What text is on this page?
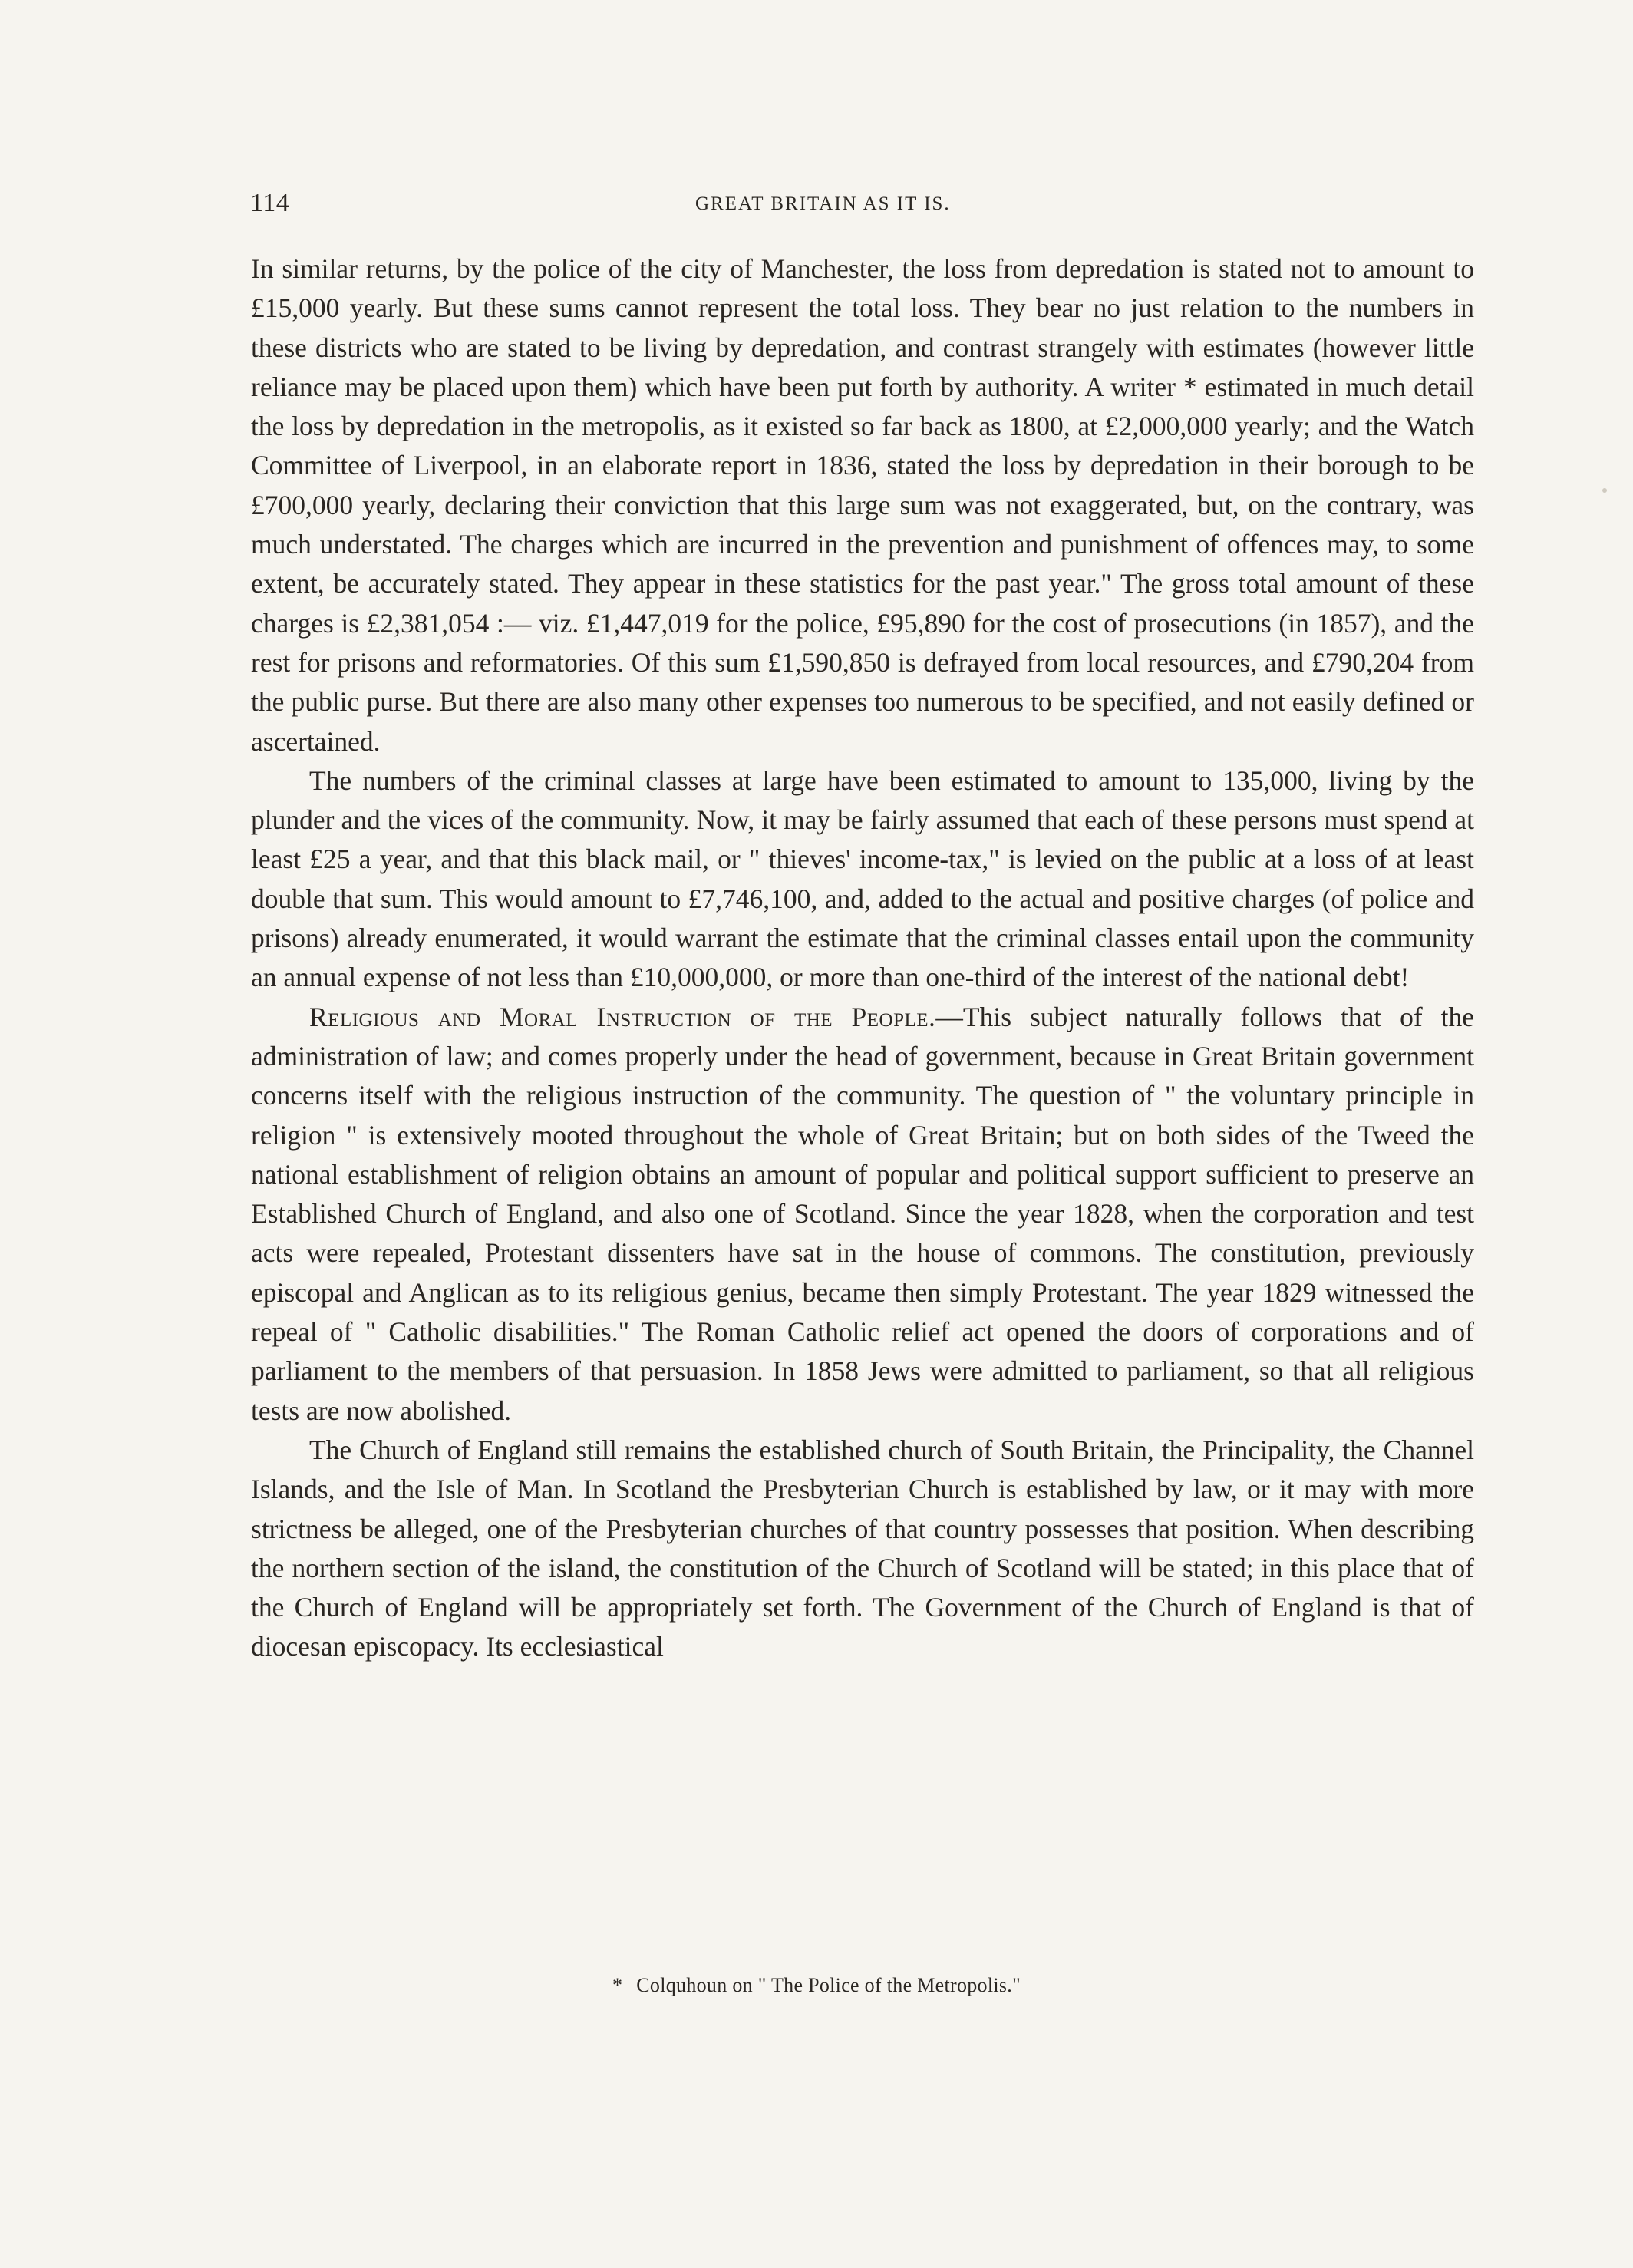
114	GREAT BRITAIN AS IT IS.

In similar returns, by the police of the city of Manchester, the loss from depredation is stated not to amount to £15,000 yearly. But these sums cannot represent the total loss. They bear no just relation to the numbers in these districts who are stated to be living by depredation, and contrast strangely with estimates (however little reliance may be placed upon them) which have been put forth by authority. A writer * estimated in much detail the loss by depredation in the metropolis, as it existed so far back as 1800, at £2,000,000 yearly; and the Watch Committee of Liverpool, in an elaborate report in 1836, stated the loss by depredation in their borough to be £700,000 yearly, declaring their conviction that this large sum was not exaggerated, but, on the contrary, was much understated. The charges which are incurred in the prevention and punishment of offences may, to some extent, be accurately stated. They appear in these statistics for the past year." The gross total amount of these charges is £2,381,054 :— viz. £1,447,019 for the police, £95,890 for the cost of prosecutions (in 1857), and the rest for prisons and reformatories. Of this sum £1,590,850 is defrayed from local resources, and £790,204 from the public purse. But there are also many other expenses too numerous to be specified, and not easily defined or ascertained.

The numbers of the criminal classes at large have been estimated to amount to 135,000, living by the plunder and the vices of the community. Now, it may be fairly assumed that each of these persons must spend at least £25 a year, and that this black mail, or " thieves' income-tax," is levied on the public at a loss of at least double that sum. This would amount to £7,746,100, and, added to the actual and positive charges (of police and prisons) already enumerated, it would warrant the estimate that the criminal classes entail upon the community an annual expense of not less than £10,000,000, or more than one-third of the interest of the national debt!

Religious and Moral Instruction of the People.—This subject naturally follows that of the administration of law; and comes properly under the head of government, because in Great Britain government concerns itself with the religious instruction of the community. The question of " the voluntary principle in religion " is extensively mooted throughout the whole of Great Britain; but on both sides of the Tweed the national establishment of religion obtains an amount of popular and political support sufficient to preserve an Established Church of England, and also one of Scotland. Since the year 1828, when the corporation and test acts were repealed, Protestant dissenters have sat in the house of commons. The constitution, previously episcopal and Anglican as to its religious genius, became then simply Protestant. The year 1829 witnessed the repeal of " Catholic disabilities." The Roman Catholic relief act opened the doors of corporations and of parliament to the members of that persuasion. In 1858 Jews were admitted to parliament, so that all religious tests are now abolished.

The Church of England still remains the established church of South Britain, the Principality, the Channel Islands, and the Isle of Man. In Scotland the Presbyterian Church is established by law, or it may with more strictness be alleged, one of the Presbyterian churches of that country possesses that position. When describing the northern section of the island, the constitution of the Church of Scotland will be stated; in this place that of the Church of England will be appropriately set forth. The Government of the Church of England is that of diocesan episcopacy. Its ecclesiastical

* Colquhoun on " The Police of the Metropolis."
